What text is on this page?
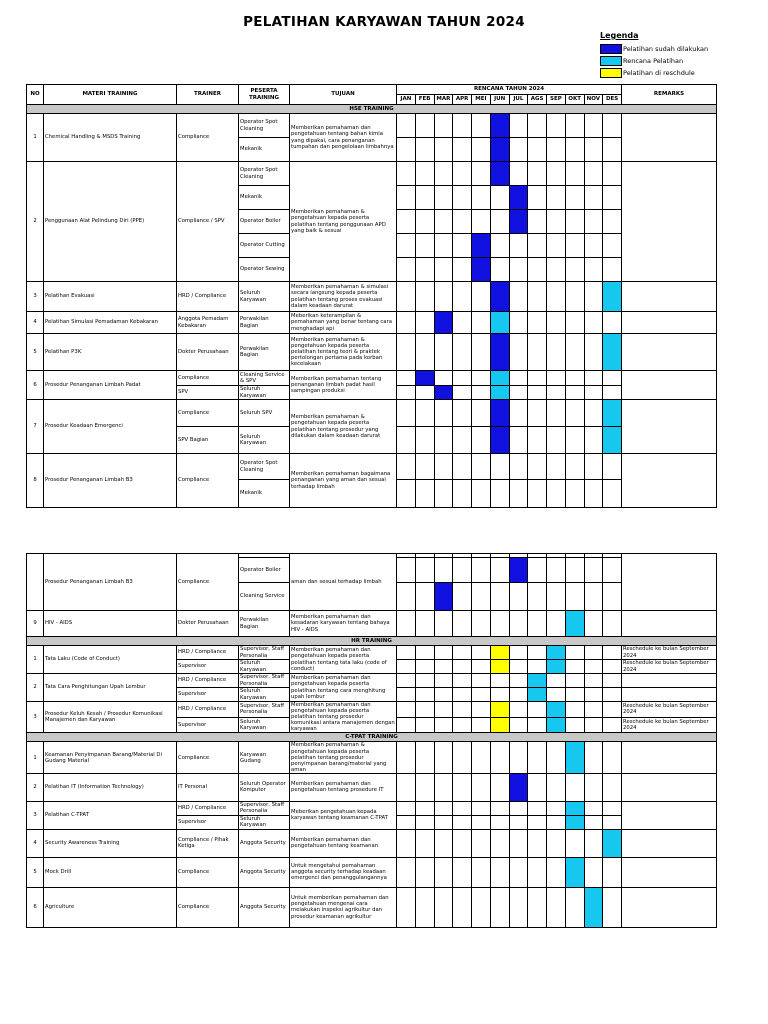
PELATIHAN KARYAWAN TAHUN 2024
Legenda
Pelatihan sudah dilakukan
Rencana Pelatihan
Pelatihan di reschdule
NO	MATERI TRAINING	TRAINER	PESERTA TRAINING	TUJUAN	RENCANA TAHUN 2024												REMARKS
					JAN	FEB	MAR	APR	MEI	JUN	JUL	AGS	SEP	OKT	NOV	DES	
HSE TRAINING																	
1	Chemical Handling & MSDS Training	Compliance	Operator Spot Cleaning	Memberikan pemahaman dan pengetahuan tentang bahan kimia yang dipakai, cara penanganan tumpahan dan pengelolaan limbahnya													
			Mekanik														
2	Penggunaan Alat Pelindung Diri (PPE)	Compliance / SPV	Operator Spot Cleaning	Memberikan pemahaman & pengetahuan kepada peserta pelatihan tentang penggunaan APD yang baik & sesuai													
			Mekanik														
			Operator Boiler														
			Operator Cutting														
			Operator Sewing														
3	Pelatihan Evakuasi	HRD / Compliance	Seluruh Karyawan	Memberikan pemahaman & simulasi secara langsung kepada peserta pelatihan tentang proses evakuasi dalam keadaan darurat													
4	Pelatihan Simulasi Pemadaman Kebakaran	Anggota Pemadam Kebakaran	Perwakilan Bagian	Meberikan keterampilan & pemahaman yang benar tentang cara menghadapi api													
5	Pelatihan P3K	Dokter Perusahaan	Perwakilan Bagian	Memberikan pemahaman & pengetahuan kepada peserta pelatihan tentang teori & praktek pertolongan pertama pada korban kecelakaan													
6	Prosedur Penanganan Limbah Padat	Compliance	Cleaning Service & SPV	Memberikan pemahaman tentang penanganan limbah padat hasil sampingan produksi													
		SPV	Seluruh Karyawan														
7	Prosedur Keadaan Emergenci	Compliance	Seluruh SPV	Memberikan pemahaman & pengetahuan kepada peserta pelatihan tentang prosedur yang dilakukan dalam keadaan darurat													
		SPV Bagian	Seluruh Karyawan														
8	Prosedur Penanganan Limbah B3	Compliance	Operator Spot Cleaning	Memberikan pemahaman bagaimana penanganan yang aman dan sesuai terhadap limbah													
			Mekanik														
	Prosedur Penanganan Limbah B3	Compliance		aman dan sesuai terhadap limbah													
			Operator Boiler														
			Cleaning Service														
9	HIV - AIDS	Dokter Perusahaan	Perwakilan Bagian	Memberikan pemahaman dan kesadaran karyawan tentang bahaya HIV - AIDS													
HR TRAINING																	
1	Tata Laku (Code of Conduct)	HRD / Compliance	Supervisor, Staff Personalia	Memberikan pemahaman dan pengetahuan kepada peserta pelatihan tentang tata laku (code of conduct)													Reschedule ke bulan September 2024
		Supervisor	Seluruh Karyawan														Reschedule ke bulan September 2024
2	Tata Cara Penghitungan Upah Lembur	HRD / Compliance	Supervisor, Staff Personalia	Memberikan pemahaman dan pengetahuan kepada peserta pelatihan tentang cara menghitung upah lembur													
		Supervisor	Seluruh Karyawan														
3	Prosedur Keluh Kesah / Prosedur Komunikasi Manajemen dan Karyawan	HRD / Compliance	Supervisor, Staff Personalia	Memberikan pemahaman dan pengetahuan kepada peserta pelatihan tentang prosedur komunikasi antara manajemen dengan karyawan													Reschedule ke bulan September 2024
		Supervisor	Seluruh Karyawan														Reschedule ke bulan September 2024
C-TPAT TRAINING																	
1	Keamanan Penyimpanan Barang/Material Di Gudang Material	Compliance	Karyawan Gudang	Memberikan pemahaman & pengetahuan kepada peserta pelatihan tentang prosedur penyimpanan barang/material yang aman													
2	Pelatihan IT (Information Technology)	IT Personal	Seluruh Operator Komputer	Memberikan pemahaman dan pengetahuan tentang prosedure IT													
3	Pelatihan C-TPAT	HRD / Compliance	Supervisor, Staff Personalia	Meberikan pengetahuan kepada karyawan tentang keamanan C-TPAT													
		Supervisor	Seluruh Karyawan														
4	Security Awareness Training	Compliance / Pihak Ketiga	Anggota Security	Memberikan pemahaman dan pengetahuan tentang keamanan													
5	Mock Drill	Compliance	Anggota Security	Untuk mengetahui pemahaman anggota security terhadap keadaan emergenci dan penanggulangannya													
6	Agriculture	Compliance	Anggota Security	Untuk memberikan pemahaman dan pengetahuan mengenai cara melakukan inspeksi agrikultur dan prosedur keamanan agrikultur													
